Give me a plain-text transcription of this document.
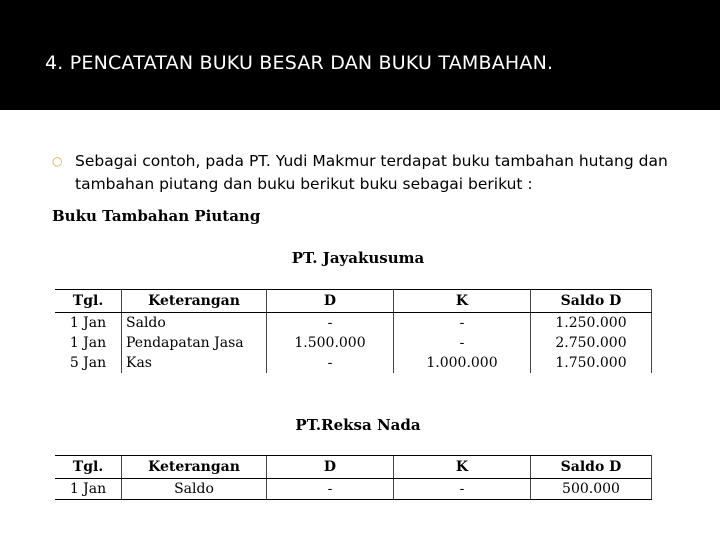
4. PENCATATAN BUKU BESAR DAN BUKU TAMBAHAN.
○ Sebagai contoh, pada PT. Yudi Makmur terdapat buku tambahan hutang dan tambahan piutang dan buku berikut buku sebagai berikut :
Buku Tambahan Piutang
PT. Jayakusuma
Tgl.	Keterangan	D	K	Saldo D
1 Jan	Saldo	-	-	1.250.000
1 Jan	Pendapatan Jasa	1.500.000	-	2.750.000
5 Jan	Kas	-	1.000.000	1.750.000
PT.Reksa Nada
Tgl.	Keterangan	D	K	Saldo D
1 Jan	Saldo	-	-	500.000
